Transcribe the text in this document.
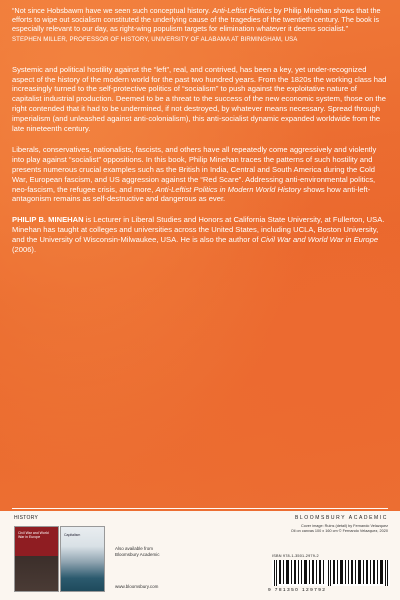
“Not since Hobsbawm have we seen such conceptual history. Anti-Leftist Politics by Philip Minehan shows that the efforts to wipe out socialism constituted the underlying cause of the tragedies of the twentieth century. The book is especially relevant to our day, as right-wing populism targets for elimination whatever it deems socialist.”

STEPHEN MILLER, PROFESSOR OF HISTORY, UNIVERSITY OF ALABAMA AT BIRMINGHAM, USA

Systemic and political hostility against the “left”, real, and contrived, has been a key, yet under-recognized aspect of the history of the modern world for the past two hundred years. From the 1820s the working class had increasingly turned to the self-protective politics of “socialism” to push against the exploitative nature of capitalist industrial production. Deemed to be a threat to the success of the new economic system, those on the right contended that it had to be undermined, if not destroyed, by whatever means necessary. Spread through imperialism (and unleashed against anti-colonialism), this anti-socialist dynamic expanded worldwide from the late nineteenth century.

Liberals, conservatives, nationalists, fascists, and others have all repeatedly come aggressively and violently into play against “socialist” oppositions. In this book, Philip Minehan traces the patterns of such hostility and presents numerous crucial examples such as the British in India, Central and South America during the Cold War, European fascism, and US aggression against the “Red Scare”. Addressing anti-environmental politics, neo-fascism, the refugee crisis, and more, Anti-Leftist Politics in Modern World History shows how anti-left-antagonism remains as self-destructive and dangerous as ever.

PHILIP B. MINEHAN is Lecturer in Liberal Studies and Honors at California State University, at Fullerton, USA. Minehan has taught at colleges and universities across the United States, including UCLA, Boston University, and the University of Wisconsin-Milwaukee, USA. He is also the author of Civil War and World War in Europe (2006).

HISTORY	BLOOMSBURY ACADEMIC
Civil War and World War in Europe
Capitalism
Also available from
Bloomsbury Academic
www.bloomsbury.com
Cover image: Ruins (detail) by Fernando Velazquez
Oil on canvas 100 x 160 cm © Fernando Velazquez, 2020
ISBN 978-1-3501-2979-2
9 781350 129792
